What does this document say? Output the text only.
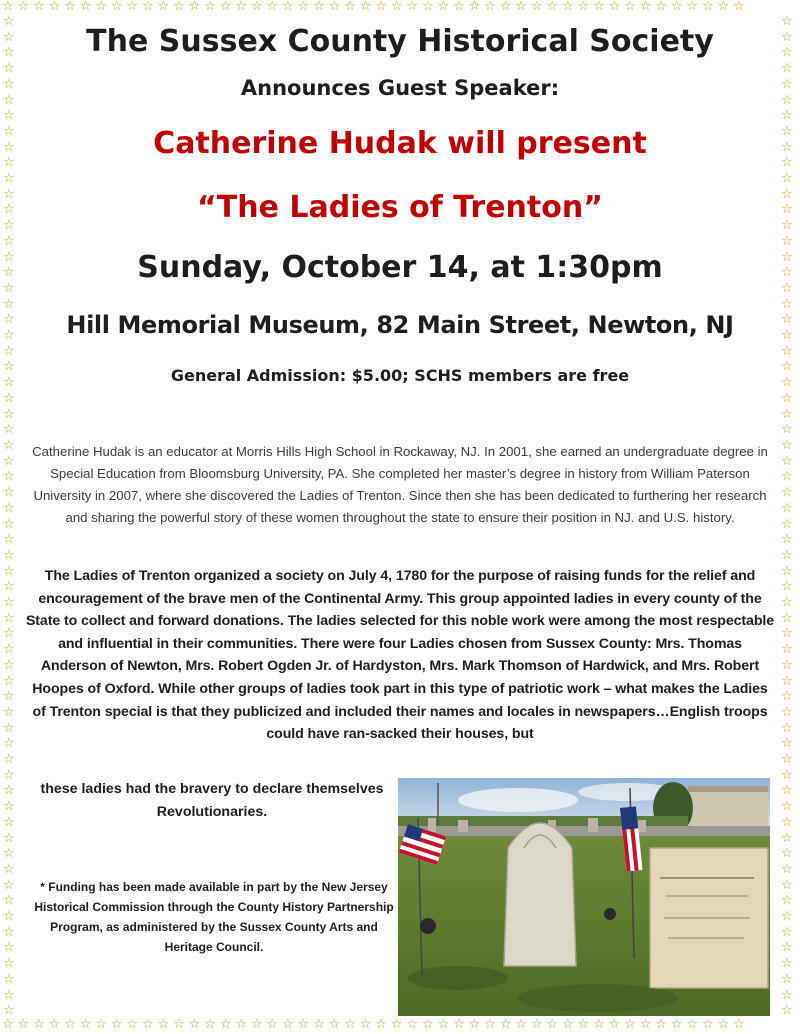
☆☆☆☆☆☆☆☆☆☆☆☆☆☆☆☆☆☆☆☆☆☆☆☆☆☆☆☆☆☆☆☆☆☆☆☆☆☆☆☆☆☆☆☆☆☆☆☆
☆☆☆☆☆☆☆☆☆☆☆☆☆☆☆☆☆☆☆☆☆☆☆☆☆☆☆☆☆☆☆☆☆☆☆☆☆☆☆☆☆☆☆☆☆☆☆☆
☆☆☆☆☆☆☆☆☆☆☆☆☆☆☆☆☆☆☆☆☆☆☆☆☆☆☆☆☆☆☆☆☆☆☆☆☆☆☆☆☆☆☆☆☆☆☆☆☆☆☆☆☆☆☆☆☆☆☆☆☆☆☆☆
☆☆☆☆☆☆☆☆☆☆☆☆☆☆☆☆☆☆☆☆☆☆☆☆☆☆☆☆☆☆☆☆☆☆☆☆☆☆☆☆☆☆☆☆☆☆☆☆☆☆☆☆☆☆☆☆☆☆☆☆☆☆☆☆
The Sussex County Historical Society
Announces Guest Speaker:
Catherine Hudak will present
“The Ladies of Trenton”
Sunday, October 14, at 1:30pm
Hill Memorial Museum, 82 Main Street, Newton, NJ
General Admission: $5.00; SCHS members are free
Catherine Hudak is an educator at Morris Hills High School in Rockaway, NJ. In 2001, she earned an undergraduate degree in Special Education from Bloomsburg University, PA. She completed her master’s degree in history from William Paterson University in 2007, where she discovered the Ladies of Trenton. Since then she has been dedicated to furthering her research and sharing the powerful story of these women throughout the state to ensure their position in NJ. and U.S. history.
The Ladies of Trenton organized a society on July 4, 1780 for the purpose of raising funds for the relief and encouragement of the brave men of the Continental Army. This group appointed ladies in every county of the State to collect and forward donations. The ladies selected for this noble work were among the most respectable and influential in their communities. There were four Ladies chosen from Sussex County: Mrs. Thomas Anderson of Newton, Mrs. Robert Ogden Jr. of Hardyston, Mrs. Mark Thomson of Hardwick, and Mrs. Robert Hoopes of Oxford. While other groups of ladies took part in this type of patriotic work – what makes the Ladies of Trenton special is that they publicized and included their names and locales in newspapers…English troops could have ran-sacked their houses, but
these ladies had the bravery to declare themselves Revolutionaries.
* Funding has been made available in part by the New Jersey Historical Commission through the County History Partnership Program, as administered by the Sussex County Arts and Heritage Council.
